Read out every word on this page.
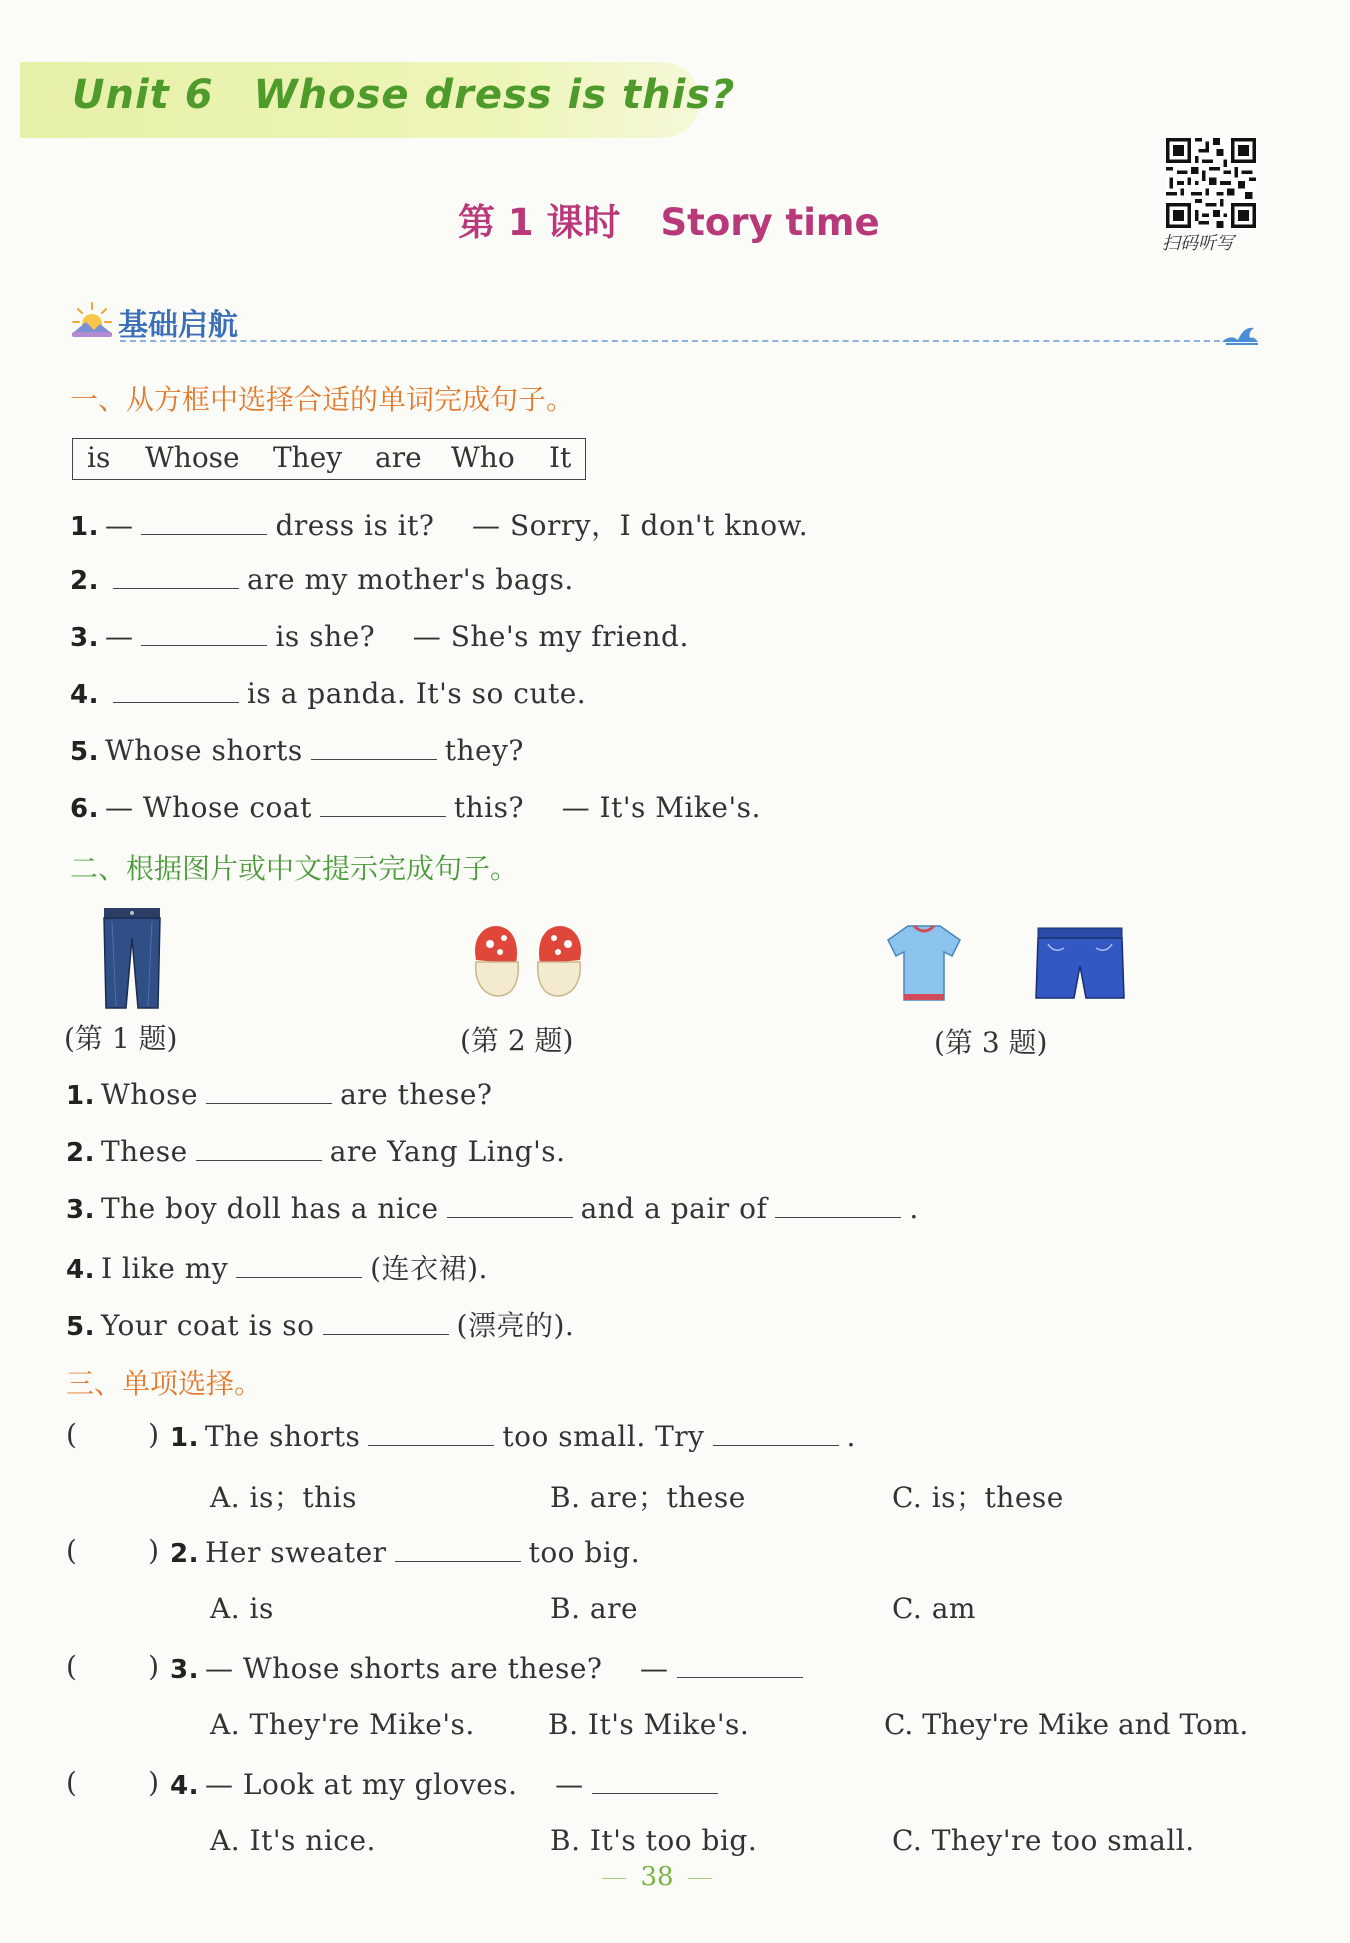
Unit 6 Whose dress is this?
第 1 课时 Story time	扫码听写
基础启航
一、从方框中选择合适的单词完成句子。
is Whose They are Who It
1. —	dress is it? — Sorry，I don't know.
2.	are my mother's bags.
3. —	is she? — She's my friend.
4.	is a panda. It's so cute.
5. Whose shorts	they?
6. — Whose coat	this? — It's Mike's.
二、根据图片或中文提示完成句子。
(第 1 题)	(第 2 题)	(第 3 题)
1. Whose	are these?
2. These	are Yang Ling's.
3. The boy doll has a nice	and a pair of	.
4. I like my	(连衣裙).
5. Your coat is so	(漂亮的).
三、单项选择。
(        ) 1. The shorts	too small. Try	.
A. is；this	B. are；these	C. is；these
(        ) 2. Her sweater	too big.
A. is	B. are	C. am
(        ) 3. — Whose shorts are these? —
A. They're Mike's.	B. It's Mike's.	C. They're Mike and Tom.
(        ) 4. — Look at my gloves. —
A. It's nice.	B. It's too big.	C. They're too small.
38
